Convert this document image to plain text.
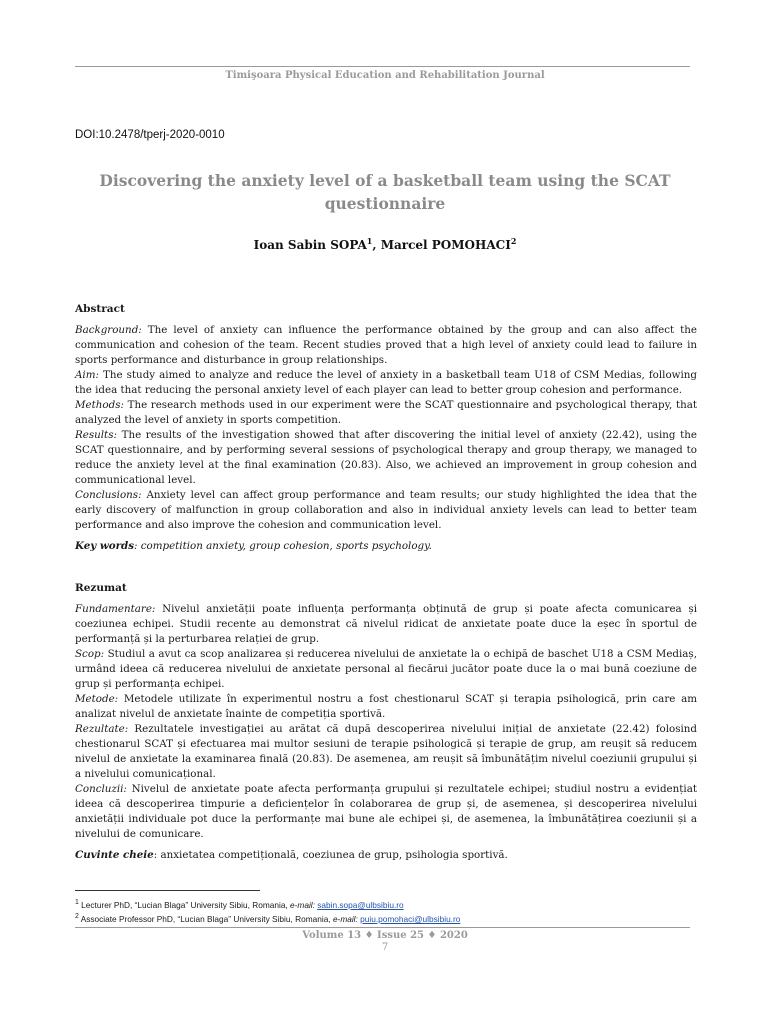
Timişoara Physical Education and Rehabilitation Journal
DOI:10.2478/tperj-2020-0010
Discovering the anxiety level of a basketball team using the SCAT questionnaire
Ioan Sabin SOPA$^1$, Marcel POMOHACI$^2$
Abstract

Background: The level of anxiety can influence the performance obtained by the group and can also affect the communication and cohesion of the team. Recent studies proved that a high level of anxiety could lead to failure in sports performance and disturbance in group relationships.

Aim: The study aimed to analyze and reduce the level of anxiety in a basketball team U18 of CSM Medias, following the idea that reducing the personal anxiety level of each player can lead to better group cohesion and performance.

Methods: The research methods used in our experiment were the SCAT questionnaire and psychological therapy, that analyzed the level of anxiety in sports competition.

Results: The results of the investigation showed that after discovering the initial level of anxiety (22.42), using the SCAT questionnaire, and by performing several sessions of psychological therapy and group therapy, we managed to reduce the anxiety level at the final examination (20.83). Also, we achieved an improvement in group cohesion and communicational level.

Conclusions: Anxiety level can affect group performance and team results; our study highlighted the idea that the early discovery of malfunction in group collaboration and also in individual anxiety levels can lead to better team performance and also improve the cohesion and communication level.

Key words: competition anxiety, group cohesion, sports psychology.

Rezumat

Fundamentare: Nivelul anxietății poate influența performanța obținută de grup și poate afecta comunicarea și coeziunea echipei. Studii recente au demonstrat că nivelul ridicat de anxietate poate duce la eșec în sportul de performanță și la perturbarea relației de grup.

Scop: Studiul a avut ca scop analizarea și reducerea nivelului de anxietate la o echipă de baschet U18 a CSM Mediaș, urmând ideea că reducerea nivelului de anxietate personal al fiecărui jucător poate duce la o mai bună coeziune de grup și performanța echipei.

Metode: Metodele utilizate în experimentul nostru a fost chestionarul SCAT și terapia psihologică, prin care am analizat nivelul de anxietate înainte de competiția sportivă.

Rezultate: Rezultatele investigației au arătat că după descoperirea nivelului inițial de anxietate (22.42) folosind chestionarul SCAT și efectuarea mai multor sesiuni de terapie psihologică și terapie de grup, am reușit să reducem nivelul de anxietate la examinarea finală (20.83). De asemenea, am reușit să îmbunătățim nivelul coeziunii grupului și a nivelului comunicațional.

Concluzii: Nivelul de anxietate poate afecta performanța grupului și rezultatele echipei; studiul nostru a evidențiat ideea că descoperirea timpurie a deficiențelor în colaborarea de grup și, de asemenea, și descoperirea nivelului anxietății individuale pot duce la performanțe mai bune ale echipei și, de asemenea, la îmbunătățirea coeziunii și a nivelului de comunicare.

Cuvinte cheie: anxietatea competițională, coeziunea de grup, psihologia sportivă.

$^1$ Lecturer PhD, “Lucian Blaga” University Sibiu, Romania, e-mail: sabin.sopa@ulbsibiu.ro
$^2$ Associate Professor PhD, “Lucian Blaga” University Sibiu, Romania, e-mail: puiu.pomohaci@ulbsibiu.ro
Volume 13 ♦ Issue 25 ♦ 2020
7
